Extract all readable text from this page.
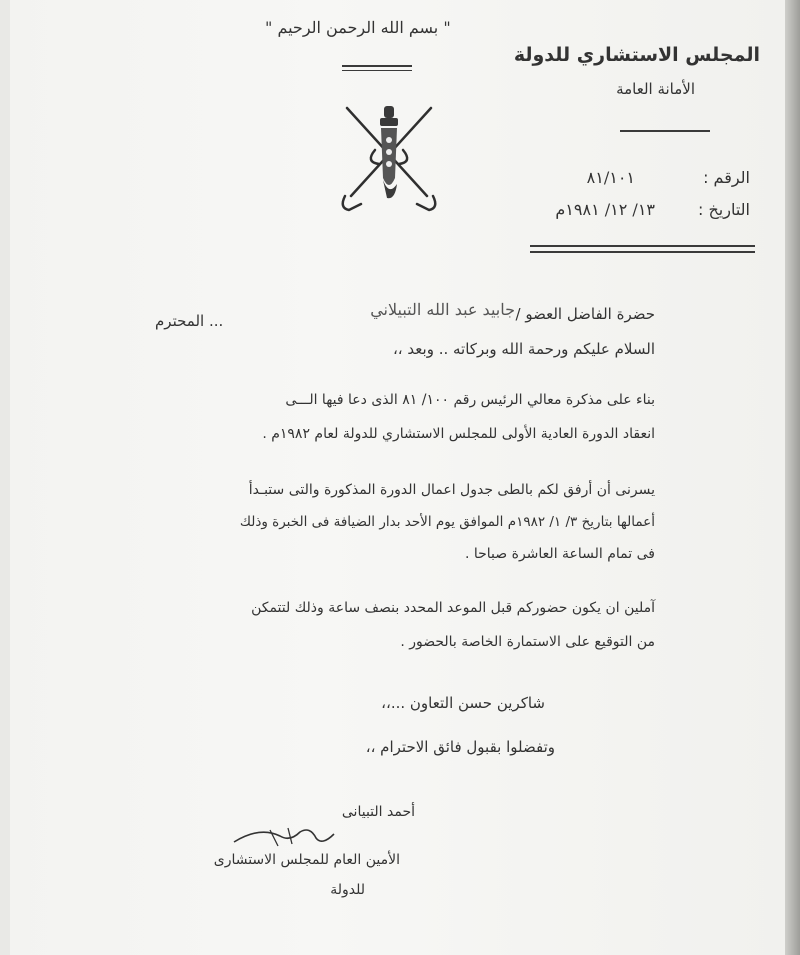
" بسم الله الرحمن الرحيم "
المجلس الاستشاري للدولة
الأمانة العامة
الرقم :
٨١/١٠١
التاريخ :
١٣/ ١٢/ ١٩٨١م
حضرة الفاضل العضو /
جابيد عبد الله التبيلاني
... المحترم
السلام عليكم ورحمة الله وبركاته .. وبعد ،،
بناء على مذكرة معالي الرئيس رقم ١٠٠/ ٨١ الذى دعا فيها الـــى
انعقاد الدورة العادية الأولى للمجلس الاستشاري للدولة لعام ١٩٨٢م .
يسرنى أن أرفق لكم بالطى جدول اعمال الدورة المذكورة والتى ستبـدأ
أعمالها بتاريخ ٣/ ١/ ١٩٨٢م الموافق يوم الأحد بدار الضيافة فى الخبرة وذلك
فى تمام الساعة العاشرة صباحا .
آملين ان يكون حضوركم قبل الموعد المحدد بنصف ساعة وذلك لتتمكن
من التوقيع على الاستمارة الخاصة بالحضور .
شاكرين حسن التعاون ...،،
وتفضلوا بقبول فائق الاحترام ،،
أحمد التبيانى
الأمين العام للمجلس الاستشارى
للدولة
